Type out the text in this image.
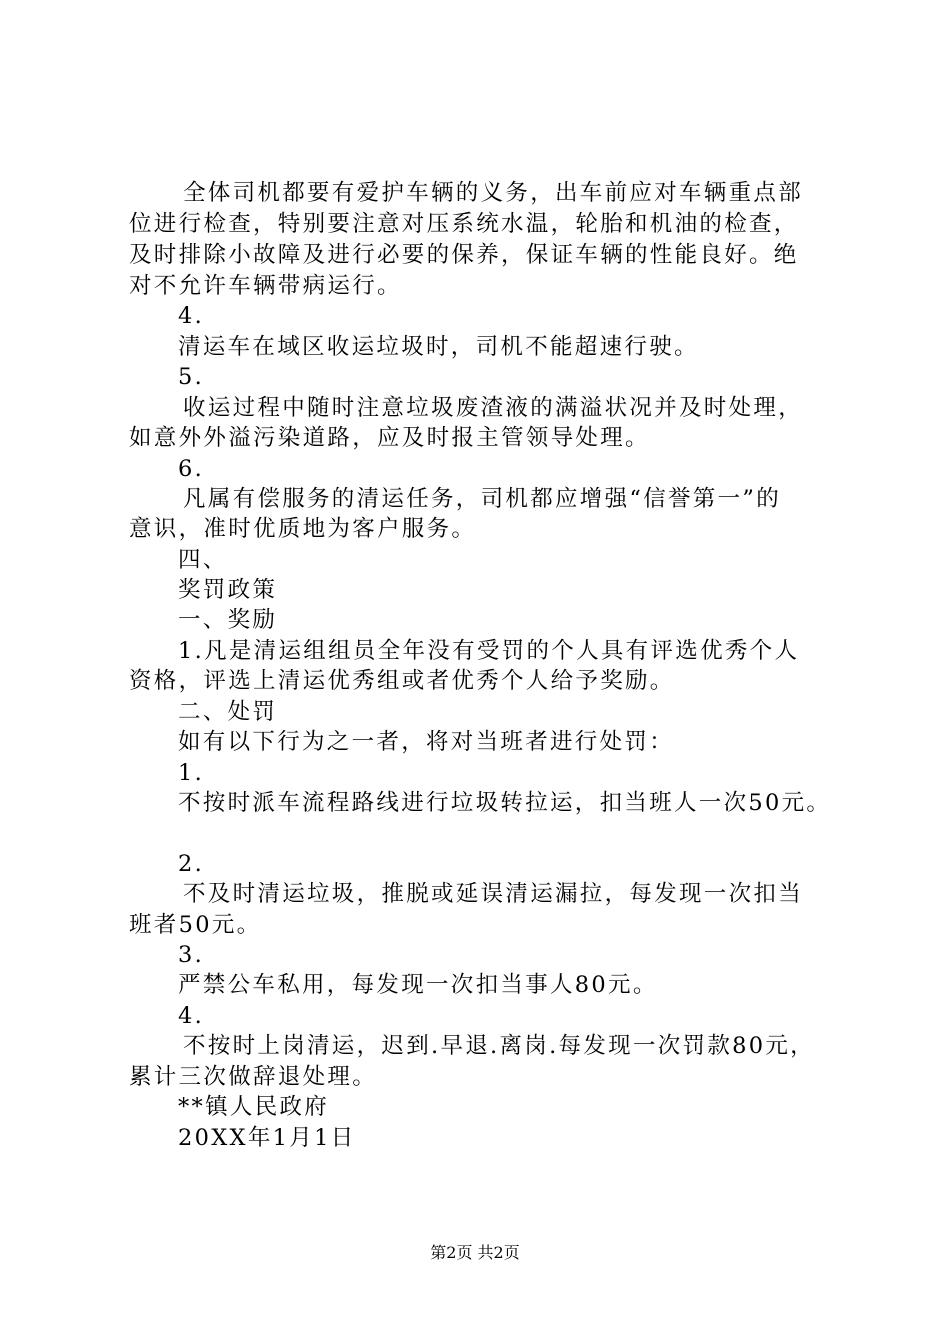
全体司机都要有爱护车辆的义务，出车前应对车辆重点部
位进行检查，特别要注意对压系统水温，轮胎和机油的检查，
及时排除小故障及进行必要的保养，保证车辆的性能良好。绝
对不允许车辆带病运行。
4.
清运车在域区收运垃圾时，司机不能超速行驶。
5.
收运过程中随时注意垃圾废渣液的满溢状况并及时处理，
如意外外溢污染道路，应及时报主管领导处理。
6.
凡属有偿服务的清运任务，司机都应增强“信誉第一”的
意识，准时优质地为客户服务。
四、
奖罚政策
一、奖励
1.凡是清运组组员全年没有受罚的个人具有评选优秀个人
资格，评选上清运优秀组或者优秀个人给予奖励。
二、处罚
如有以下行为之一者，将对当班者进行处罚：
1.
不按时派车流程路线进行垃圾转拉运，扣当班人一次50元。
2.
不及时清运垃圾，推脱或延误清运漏拉，每发现一次扣当
班者50元。
3.
严禁公车私用，每发现一次扣当事人80元。
4.
不按时上岗清运，迟到.早退.离岗.每发现一次罚款80元，
累计三次做辞退处理。
**镇人民政府
20XX年1月1日
第2页 共2页
